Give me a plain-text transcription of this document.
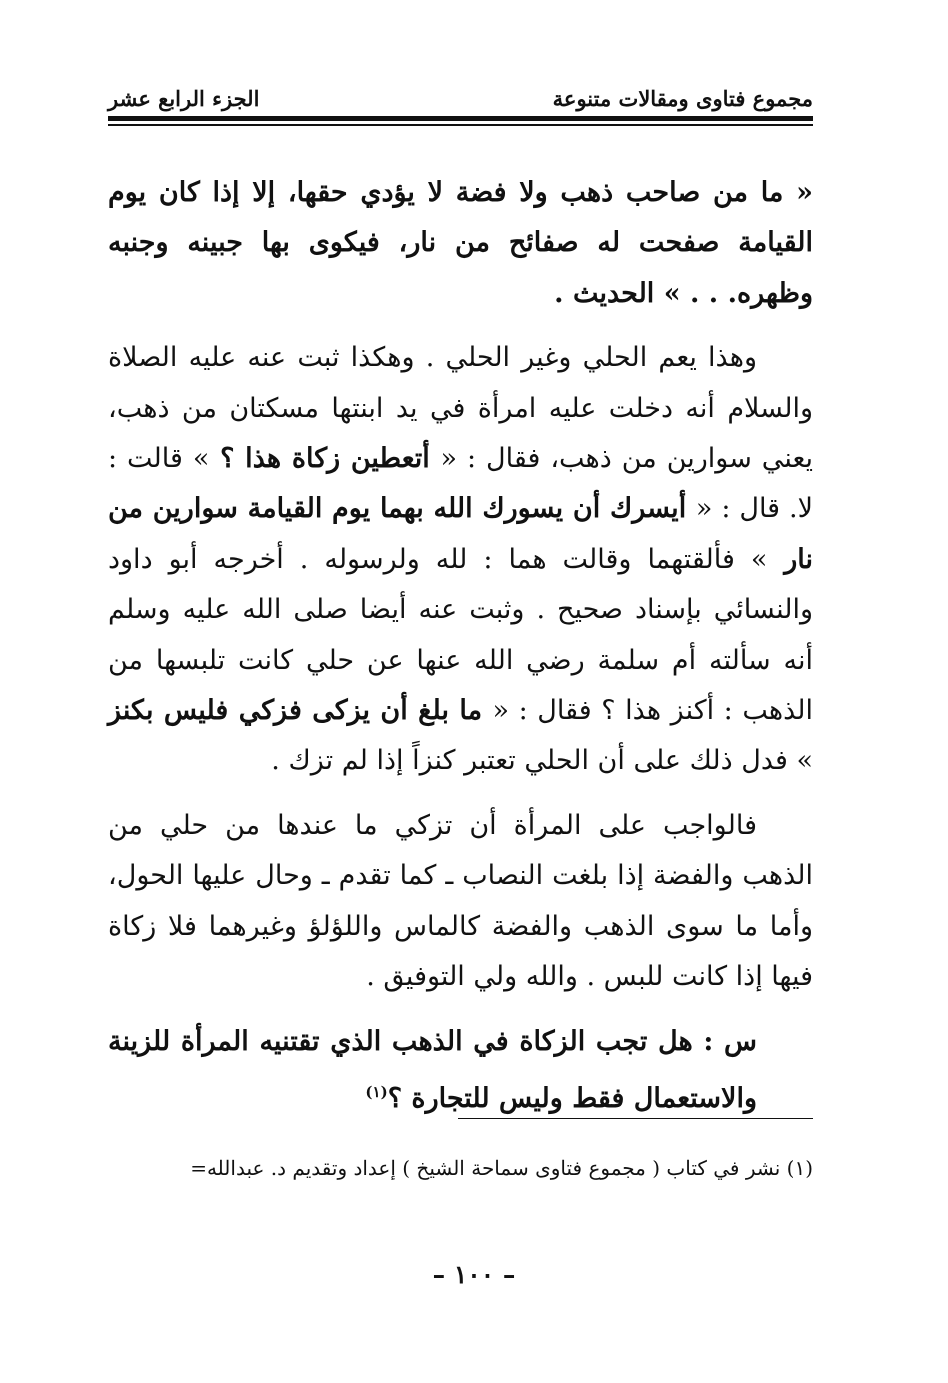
مجموع فتاوى ومقالات متنوعة
الجزء الرابع عشر

« ما من صاحب ذهب ولا فضة لا يؤدي حقها، إلا إذا كان يوم القيامة صفحت له صفائح من نار، فيكوى بها جبينه وجنبه وظهره. . . » الحديث .

وهذا يعم الحلي وغير الحلي . وهكذا ثبت عنه عليه الصلاة والسلام أنه دخلت عليه امرأة في يد ابنتها مسكتان من ذهب، يعني سوارين من ذهب، فقال : « أتعطين زكاة هذا ؟ » قالت : لا. قال : « أيسرك أن يسورك الله بهما يوم القيامة سوارين من نار » فألقتهما وقالت هما : لله ولرسوله . أخرجه أبو داود والنسائي بإسناد صحيح . وثبت عنه أيضا صلى الله عليه وسلم أنه سألته أم سلمة رضي الله عنها عن حلي كانت تلبسها من الذهب : أكنز هذا ؟ فقال : « ما بلغ أن يزكى فزكي فليس بكنز » فدل ذلك على أن الحلي تعتبر كنزاً إذا لم تزك .

فالواجب على المرأة أن تزكي ما عندها من حلي من الذهب والفضة إذا بلغت النصاب ـ كما تقدم ـ وحال عليها الحول، وأما ما سوى الذهب والفضة كالماس واللؤلؤ وغيرهما فلا زكاة فيها إذا كانت للبس . والله ولي التوفيق .

س : هل تجب الزكاة في الذهب الذي تقتنيه المرأة للزينة والاستعمال فقط وليس للتجارة ؟$^{(١)}$

(١) نشر في كتاب ( مجموع فتاوى سماحة الشيخ ) إعداد وتقديم د. عبدالله=
– ١٠٠ –
